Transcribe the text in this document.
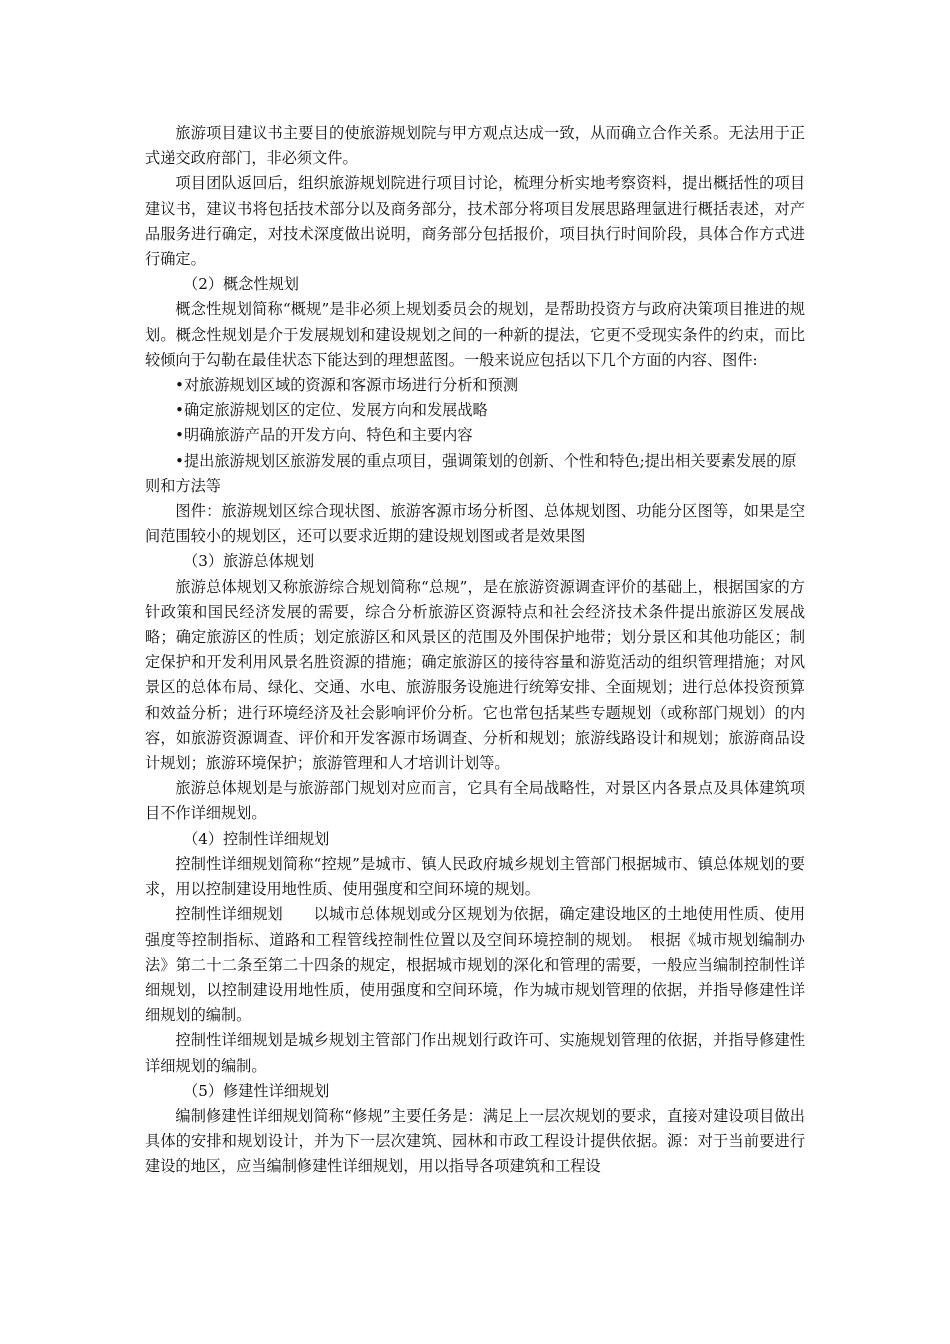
旅游项目建议书主要目的使旅游规划院与甲方观点达成一致，从而确立合作关系。无法用于正式递交政府部门，非必须文件。

项目团队返回后，组织旅游规划院进行项目讨论，梳理分析实地考察资料，提出概括性的项目建议书，建议书将包括技术部分以及商务部分，技术部分将项目发展思路理氩进行概括表述，对产品服务进行确定，对技术深度做出说明，商务部分包括报价，项目执行时间阶段，具体合作方式进行确定。

（2）概念性规划

概念性规划简称“概规”是非必须上规划委员会的规划，是帮助投资方与政府决策项目推进的规划。概念性规划是介于发展规划和建设规划之间的一种新的提法，它更不受现实条件的约束，而比较倾向于勾勒在最佳状态下能达到的理想蓝图。一般来说应包括以下几个方面的内容、图件:

•对旅游规划区域的资源和客源市场进行分析和预测

•确定旅游规划区的定位、发展方向和发展战略

•明确旅游产品的开发方向、特色和主要内容

•提出旅游规划区旅游发展的重点项目，强调策划的创新、个性和特色;提出相关要素发展的原则和方法等

图件：旅游规划区综合现状图、旅游客源市场分析图、总体规划图、功能分区图等，如果是空间范围较小的规划区，还可以要求近期的建设规划图或者是效果图

（3）旅游总体规划

旅游总体规划又称旅游综合规划简称“总规”，是在旅游资源调查评价的基础上，根据国家的方针政策和国民经济发展的需要，综合分析旅游区资源特点和社会经济技术条件提出旅游区发展战略；确定旅游区的性质；划定旅游区和风景区的范围及外围保护地带；划分景区和其他功能区；制定保护和开发利用风景名胜资源的措施；确定旅游区的接待容量和游览活动的组织管理措施；对风景区的总体布局、绿化、交通、水电、旅游服务设施进行统筹安排、全面规划；进行总体投资预算和效益分析；进行环境经济及社会影响评价分析。它也常包括某些专题规划（或称部门规划）的内容，如旅游资源调查、评价和开发客源市场调查、分析和规划；旅游线路设计和规划；旅游商品设计规划；旅游环境保护；旅游管理和人才培训计划等。

旅游总体规划是与旅游部门规划对应而言，它具有全局战略性，对景区内各景点及具体建筑项目不作详细规划。

（4）控制性详细规划

控制性详细规划简称“控规”是城市、镇人民政府城乡规划主管部门根据城市、镇总体规划的要求，用以控制建设用地性质、使用强度和空间环境的规划。

控制性详细规划　　以城市总体规划或分区规划为依据，确定建设地区的土地使用性质、使用强度等控制指标、道路和工程管线控制性位置以及空间环境控制的规划。　根据《城市规划编制办法》第二十二条至第二十四条的规定，根据城市规划的深化和管理的需要，一般应当编制控制性详细规划，以控制建设用地性质，使用强度和空间环境，作为城市规划管理的依据，并指导修建性详细规划的编制。

控制性详细规划是城乡规划主管部门作出规划行政许可、实施规划管理的依据，并指导修建性详细规划的编制。

（5）修建性详细规划

编制修建性详细规划简称“修规”主要任务是：满足上一层次规划的要求，直接对建设项目做出具体的安排和规划设计，并为下一层次建筑、园林和市政工程设计提供依据。源：对于当前要进行建设的地区，应当编制修建性详细规划，用以指导各项建筑和工程设
